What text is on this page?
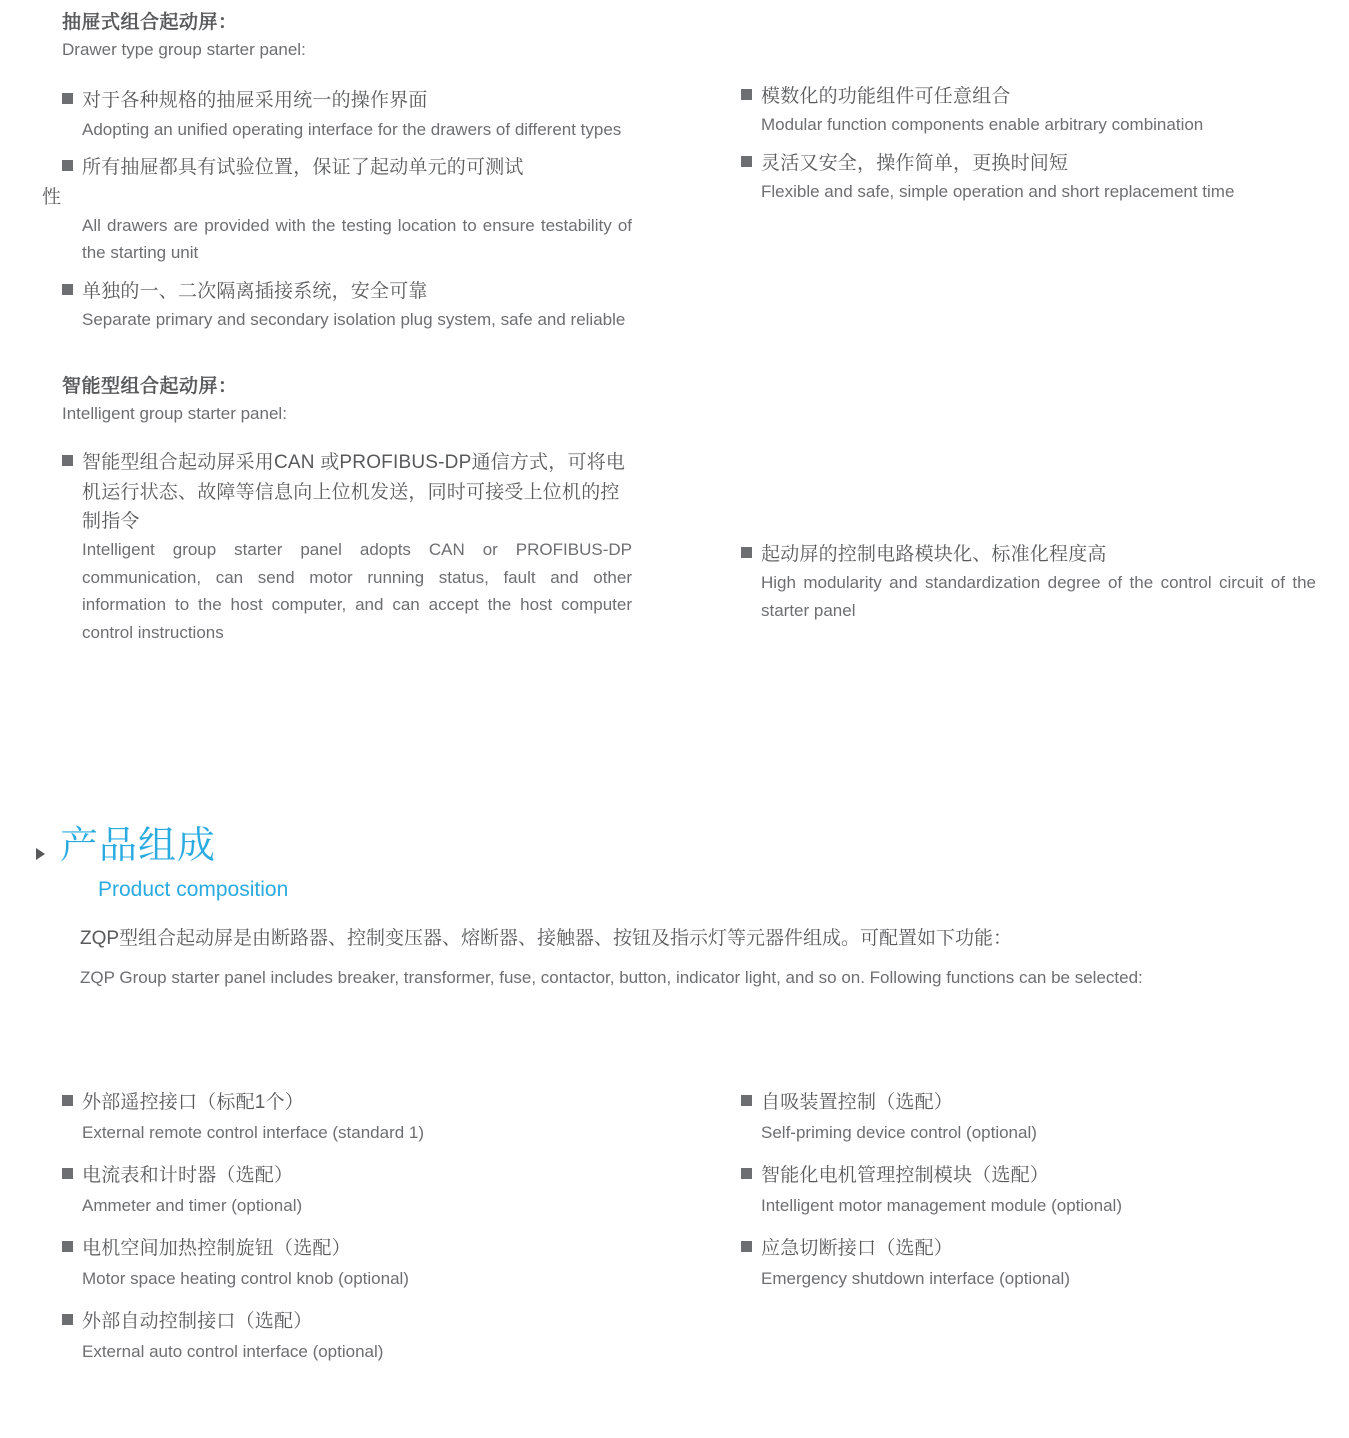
抽屉式组合起动屏：
Drawer type group starter panel:
对于各种规格的抽屉采用统一的操作界面
Adopting an unified operating interface for the drawers of different types
所有抽屉都具有试验位置，保证了起动单元的可测试
性
All drawers are provided with the testing location to ensure testability of the starting unit
单独的一、二次隔离插接系统，安全可靠
Separate primary and secondary isolation plug system, safe and reliable
智能型组合起动屏：
Intelligent group starter panel:
智能型组合起动屏采用CAN 或PROFIBUS-DP通信方式，可将电机运行状态、故障等信息向上位机发送，同时可接受上位机的控制指令
Intelligent group starter panel adopts CAN or PROFIBUS-DP communication, can send motor running status, fault and other information to the host computer, and can accept the host computer control instructions
模数化的功能组件可任意组合
Modular function components enable arbitrary combination
灵活又安全，操作简单，更换时间短
Flexible and safe, simple operation and short replacement time
起动屏的控制电路模块化、标准化程度高
High modularity and standardization degree of the control circuit of the starter panel
产品组成
Product composition
ZQP型组合起动屏是由断路器、控制变压器、熔断器、接触器、按钮及指示灯等元器件组成。可配置如下功能：
ZQP Group starter panel includes breaker, transformer, fuse, contactor, button, indicator light, and so on. Following functions can be selected:
外部遥控接口（标配1个）
External remote control interface (standard 1)
电流表和计时器（选配）
Ammeter and timer (optional)
电机空间加热控制旋钮（选配）
Motor space heating control knob (optional)
外部自动控制接口（选配）
External auto control interface (optional)
自吸装置控制（选配）
Self-priming device control (optional)
智能化电机管理控制模块（选配）
Intelligent motor management module (optional)
应急切断接口（选配）
Emergency shutdown interface (optional)
